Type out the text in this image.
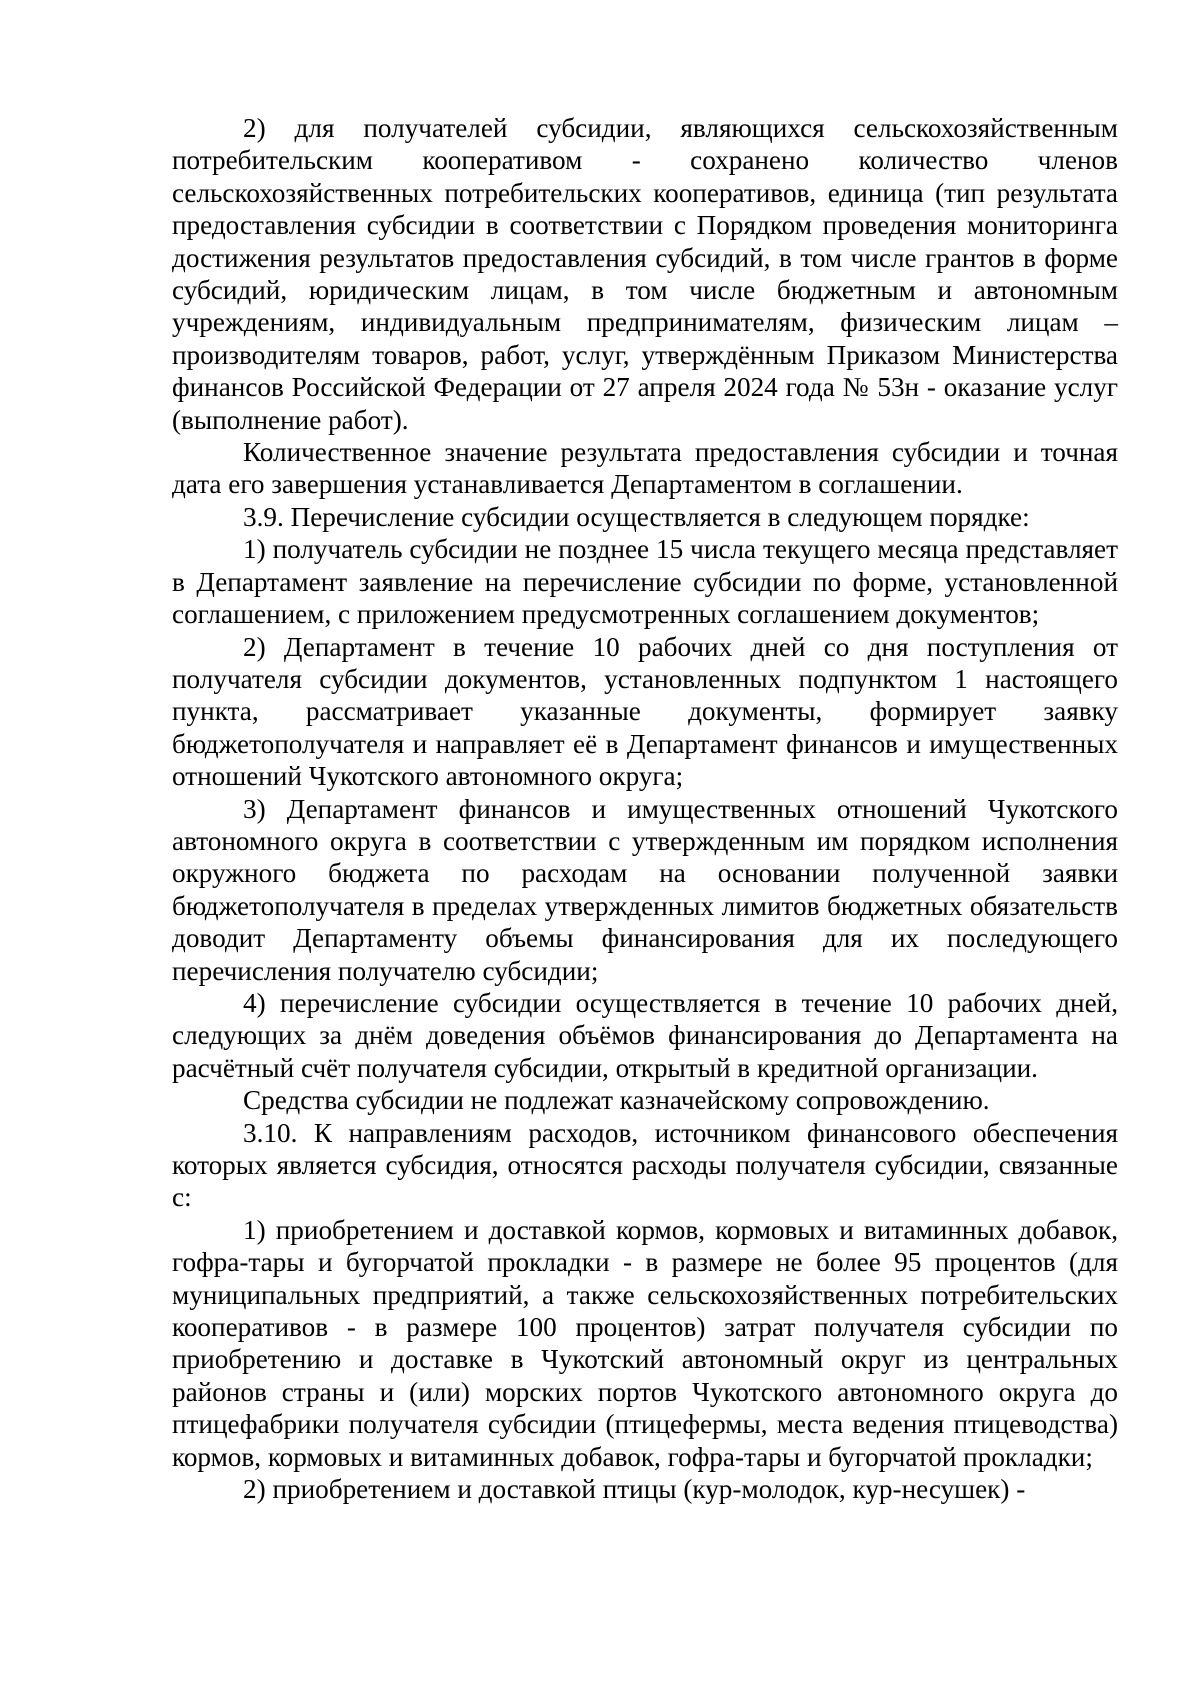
2) для получателей субсидии, являющихся сельскохозяйственным потребительским кооперативом - сохранено количество членов сельскохозяйственных потребительских кооперативов, единица (тип результата предоставления субсидии в соответствии с Порядком проведения мониторинга достижения результатов предоставления субсидий, в том числе грантов в форме субсидий, юридическим лицам, в том числе бюджетным и автономным учреждениям, индивидуальным предпринимателям, физическим лицам – производителям товаров, работ, услуг, утверждённым Приказом Министерства финансов Российской Федерации от 27 апреля 2024 года № 53н - оказание услуг (выполнение работ).

Количественное значение результата предоставления субсидии и точная дата его завершения устанавливается Департаментом в соглашении.

3.9. Перечисление субсидии осуществляется в следующем порядке:

1) получатель субсидии не позднее 15 числа текущего месяца представляет в Департамент заявление на перечисление субсидии по форме, установленной соглашением, с приложением предусмотренных соглашением документов;

2) Департамент в течение 10 рабочих дней со дня поступления от получателя субсидии документов, установленных подпунктом 1 настоящего пункта, рассматривает указанные документы, формирует заявку бюджетополучателя и направляет её в Департамент финансов и имущественных отношений Чукотского автономного округа;

3) Департамент финансов и имущественных отношений Чукотского автономного округа в соответствии с утвержденным им порядком исполнения окружного бюджета по расходам на основании полученной заявки бюджетополучателя в пределах утвержденных лимитов бюджетных обязательств доводит Департаменту объемы финансирования для их последующего перечисления получателю субсидии;

4) перечисление субсидии осуществляется в течение 10 рабочих дней, следующих за днём доведения объёмов финансирования до Департамента на расчётный счёт получателя субсидии, открытый в кредитной организации.

Средства субсидии не подлежат казначейскому сопровождению.

3.10. К направлениям расходов, источником финансового обеспечения которых является субсидия, относятся расходы получателя субсидии, связанные с:

1) приобретением и доставкой кормов, кормовых и витаминных добавок, гофра-тары и бугорчатой прокладки - в размере не более 95 процентов (для муниципальных предприятий, а также сельскохозяйственных потребительских кооперативов - в размере 100 процентов) затрат получателя субсидии по приобретению и доставке в Чукотский автономный округ из центральных районов страны и (или) морских портов Чукотского автономного округа до птицефабрики получателя субсидии (птицефермы, места ведения птицеводства) кормов, кормовых и витаминных добавок, гофра-тары и бугорчатой прокладки;

2) приобретением и доставкой птицы (кур-молодок, кур-несушек) -
